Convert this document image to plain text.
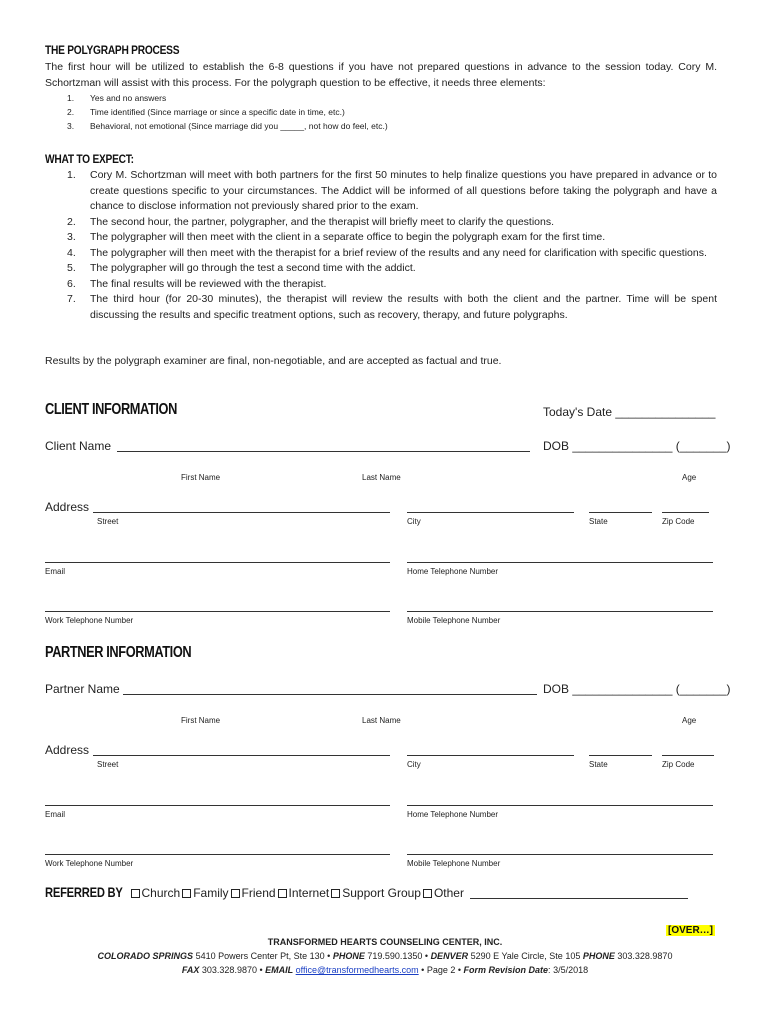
THE POLYGRAPH PROCESS
The first hour will be utilized to establish the 6-8 questions if you have not prepared questions in advance to the session today. Cory M. Schortzman will assist with this process. For the polygraph question to be effective, it needs three elements:
1. Yes and no answers
2. Time identified (Since marriage or since a specific date in time, etc.)
3. Behavioral, not emotional (Since marriage did you _____, not how do feel, etc.)
WHAT TO EXPECT:
1. Cory M. Schortzman will meet with both partners for the first 50 minutes to help finalize questions you have prepared in advance or to create questions specific to your circumstances. The Addict will be informed of all questions before taking the polygraph and have a chance to disclose information not previously shared prior to the exam.
2. The second hour, the partner, polygrapher, and the therapist will briefly meet to clarify the questions.
3. The polygrapher will then meet with the client in a separate office to begin the polygraph exam for the first time.
4. The polygrapher will then meet with the therapist for a brief review of the results and any need for clarification with specific questions.
5. The polygrapher will go through the test a second time with the addict.
6. The final results will be reviewed with the therapist.
7. The third hour (for 20-30 minutes), the therapist will review the results with both the client and the partner. Time will be spent discussing the results and specific treatment options, such as recovery, therapy, and future polygraphs.
Results by the polygraph examiner are final, non-negotiable, and are accepted as factual and true.
CLIENT INFORMATION	Today's Date _______________
Client Name	DOB _______________ (_______)
First Name	Last Name	Age
Address
Street	City	State	Zip Code
Email	Home Telephone Number
Work Telephone Number	Mobile Telephone Number
PARTNER INFORMATION
Partner Name	DOB _______________ (_______)
First Name	Last Name	Age
Address
Street	City	State	Zip Code
Email	Home Telephone Number
Work Telephone Number	Mobile Telephone Number
REFERRED BY Church Family Friend Internet Support Group Other
[OVER…]
TRANSFORMED HEARTS COUNSELING CENTER, INC.
COLORADO SPRINGS 5410 Powers Center Pt, Ste 130 • PHONE 719.590.1350 • DENVER 5290 E Yale Circle, Ste 105 PHONE 303.328.9870
FAX 303.328.9870 • EMAIL office@transformedhearts.com • Page 2 • Form Revision Date: 3/5/2018
